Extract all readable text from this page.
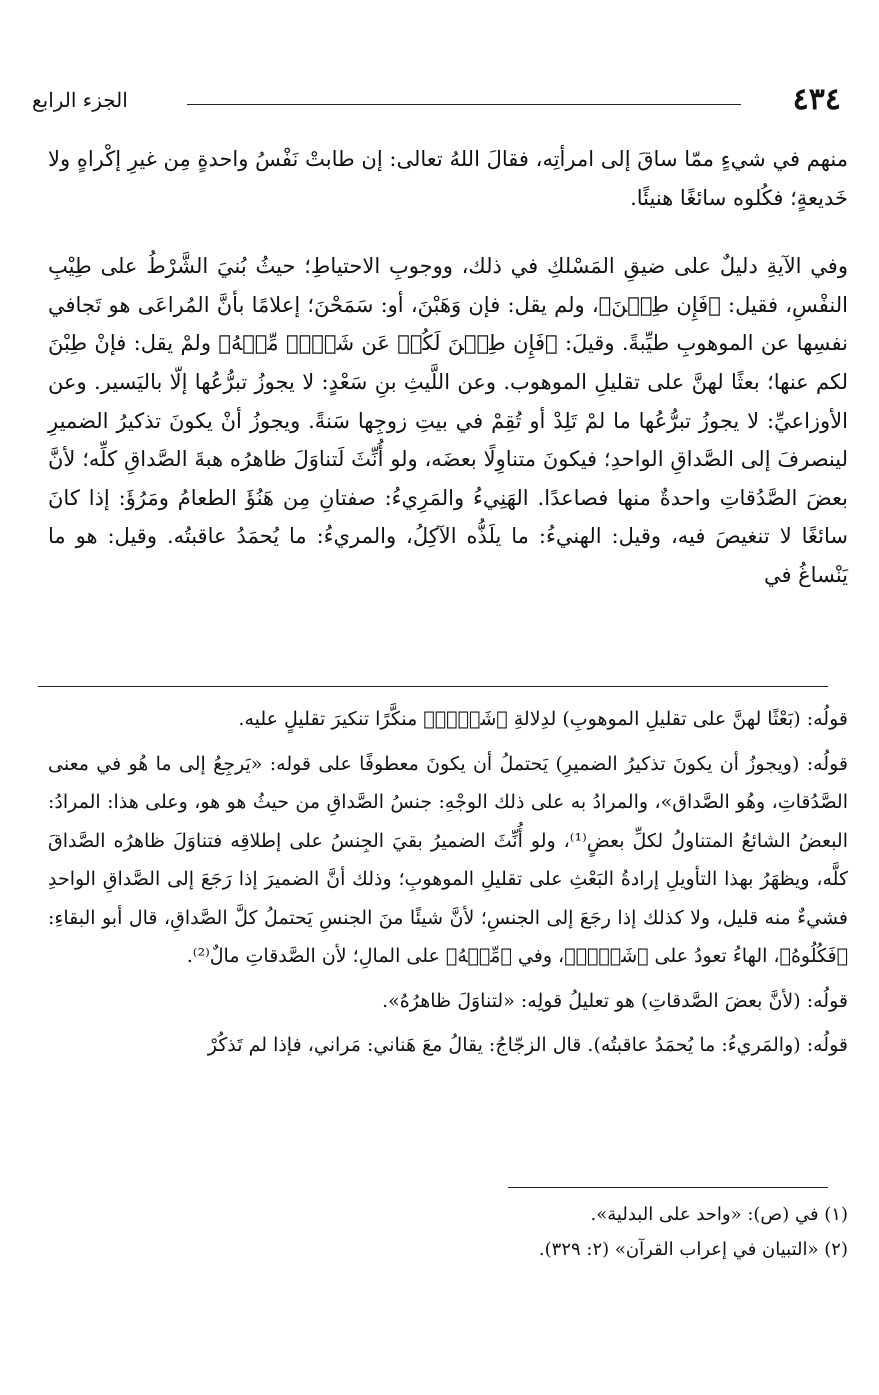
٤٣٤
الجزء الرابع

منهم في شيءٍ ممّا ساقَ إلى امرأتِه، فقالَ اللهُ تعالى: إن طابتْ نَفْسُ واحدةٍ مِن غيرِ إكْراهٍ ولا خَديعةٍ؛ فكُلوه سائغًا هنيئًا.

وفي الآيةِ دليلٌ على ضيقِ المَسْلكِ في ذلك، ووجوبِ الاحتياطِ؛ حيثُ بُنيَ الشَّرْطُ على طِيْبِ النفْسِ، فقيل: ﴿فَإِن طِبۡنَ﴾، ولم يقل: فإن وَهَبْنَ، أو: سَمَحْنَ؛ إعلامًا بأنَّ المُراعَى هو تَجافي نفسِها عن الموهوبِ طيِّبةً. وقيلَ: ﴿فَإِن طِبۡنَ لَكُمۡ عَن شَيۡءٖ مِّنۡهُ﴾ ولمْ يقل: فإنْ طِبْنَ لكم عنها؛ بعثًا لهنَّ على تقليلِ الموهوب. وعن اللَّيثِ بنِ سَعْدٍ: لا يجوزُ تبرُّعُها إلّا باليَسير. وعن الأوزاعيِّ: لا يجوزُ تبرُّعُها ما لمْ تَلِدْ أو تُقِمْ في بيتِ زوجِها سَنةً. ويجوزُ أنْ يكونَ تذكيرُ الضميرِ لينصرفَ إلى الصَّداقِ الواحدِ؛ فيكونَ متناوِلًا بعضَه، ولو أُنِّثَ لَتناوَلَ ظاهرُه هبةَ الصَّداقِ كلِّه؛ لأنَّ بعضَ الصَّدُقاتِ واحدةٌ منها فصاعدًا. الهَنِيءُ والمَرِيءُ: صفتانِ مِن هَنُؤَ الطعامُ ومَرُؤَ: إذا كانَ سائغًا لا تنغيصَ فيه، وقيل: الهنيءُ: ما يلَذُّه الآكِلُ، والمريءُ: ما يُحمَدُ عاقبتُه. وقيل: هو ما يَنْساغُ في

قولُه: (بَعْثًا لهنَّ على تقليلِ الموهوبِ) لدِلالةِ ﴿شَيۡءٖ﴾ منكَّرًا تنكيرَ تقليلٍ عليه.

قولُه: (ويجوزُ أن يكونَ تذكيرُ الضميرِ) يَحتملُ أن يكونَ معطوفًا على قوله: «يَرجِعُ إلى ما هُو في معنى الصَّدُقاتِ، وهُو الصَّداق»، والمرادُ به على ذلك الوجْهِ: جنسُ الصَّداقِ من حيثُ هو هو، وعلى هذا: المرادُ: البعضُ الشائعُ المتناولُ لكلِّ بعضٍ⁽¹⁾، ولو أُنِّثَ الضميرُ بقيَ الجِنسُ على إطلاقِه فتناوَلَ ظاهرُه الصَّداقَ كلَّه، ويظهَرُ بهذا التأويلِ إرادةُ البَعْثِ على تقليلِ الموهوبِ؛ وذلك أنَّ الضميرَ إذا رَجَعَ إلى الصَّداقِ الواحدِ فشيءٌ منه قليل، ولا كذلك إذا رجَعَ إلى الجنسِ؛ لأنَّ شيئًا منَ الجنسِ يَحتملُ كلَّ الصَّداقِ، قال أبو البقاءِ: ﴿فَكُلُوهُ﴾، الهاءُ تعودُ على ﴿شَيۡءٖ﴾، وفي ﴿مِّنۡهُ﴾ على المالِ؛ لأن الصَّدقاتِ مالٌ⁽²⁾.

قولُه: (لأنَّ بعضَ الصَّدقاتِ) هو تعليلُ قولِه: «لتناوَلَ ظاهرُهُ».

قولُه: (والمَريءُ: ما يُحمَدُ عاقبتُه). قال الزجّاجُ: يقالُ معَ هَناني: مَراني، فإذا لم تَذكُرْ

(١) في (ص): «واحد على البدلية».

(٢) «التبيان في إعراب القرآن» (٢: ٣٢٩).
